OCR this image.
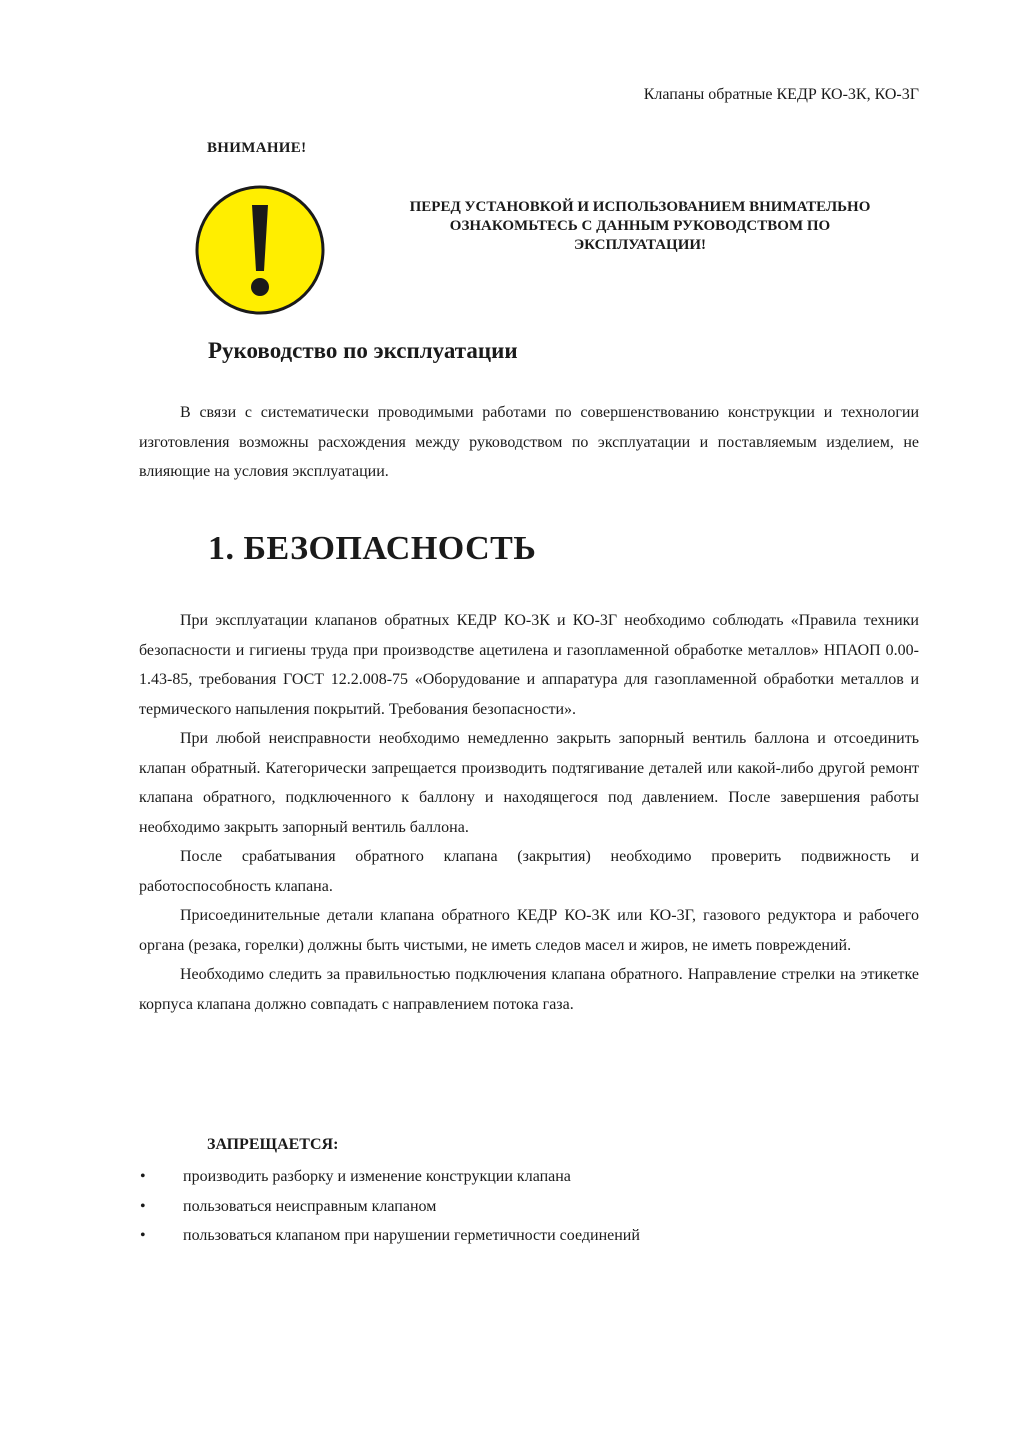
Клапаны обратные КЕДР КО-3К, КО-3Г
ВНИМАНИЕ!
ПЕРЕД УСТАНОВКОЙ И ИСПОЛЬЗОВАНИЕМ ВНИМАТЕЛЬНО
ОЗНАКОМЬТЕСЬ С ДАННЫМ РУКОВОДСТВОМ ПО
ЭКСПЛУАТАЦИИ!
Руководство по эксплуатации

В связи с систематически проводимыми работами по совершенствованию конструкции и технологии изготовления возможны расхождения между руководством по эксплуатации и поставляемым изделием, не влияющие на условия эксплуатации.

1. БЕЗОПАСНОСТЬ

При эксплуатации клапанов обратных КЕДР КО-3К и КО-3Г необходимо соблюдать «Правила техники безопасности и гигиены труда при производстве ацетилена и газопламенной обработке металлов» НПАОП 0.00-1.43-85, требования ГОСТ 12.2.008-75 «Оборудование и аппаратура для газопламенной обработки металлов и термического напыления покрытий. Требования безопасности».

При любой неисправности необходимо немедленно закрыть запорный вентиль баллона и отсоединить клапан обратный. Категорически запрещается производить подтягивание деталей или какой-либо другой ремонт клапана обратного, подключенного к баллону и находящегося под давлением. После завершения работы необходимо закрыть запорный вентиль баллона.

После срабатывания обратного клапана (закрытия) необходимо проверить подвижность и работоспособность клапана.

Присоединительные детали клапана обратного КЕДР КО-3К или КО-3Г, газового редуктора и рабочего органа (резака, горелки) должны быть чистыми, не иметь следов масел и жиров, не иметь повреждений.

Необходимо следить за правильностью подключения клапана обратного. Направление стрелки на этикетке корпуса клапана должно совпадать с направлением потока газа.

ЗАПРЕЩАЕТСЯ:
• производить разборку и изменение конструкции клапана
• пользоваться неисправным клапаном
• пользоваться клапаном при нарушении герметичности соединений
